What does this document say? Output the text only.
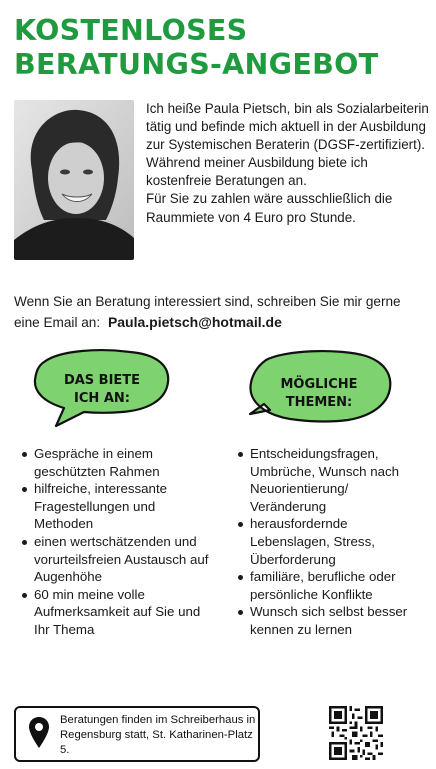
KOSTENLOSES
BERATUNGS-ANGEBOT

Ich heiße Paula Pietsch, bin als Sozialarbeiterin tätig und befinde mich aktuell in der Ausbildung zur Systemischen Beraterin (DGSF-zertifiziert).

Während meiner Ausbildung biete ich kostenfreie Beratungen an.

Für Sie zu zahlen wäre ausschließlich die Raummiete von 4 Euro pro Stunde.

Wenn Sie an Beratung interessiert sind, schreiben Sie mir gerne eine Email an: Paula.pietsch@hotmail.de
DAS BIETE
ICH AN:
MÖGLICHE
THEMEN:
Gespräche in einem geschützten Rahmen
hilfreiche, interessante Fragestellungen und Methoden
einen wertschätzenden und vorurteilsfreien Austausch auf Augenhöhe
60 min meine volle Aufmerksamkeit auf Sie und Ihr Thema
Entscheidungsfragen, Umbrüche, Wunsch nach Neuorientierung/ Veränderung
herausfordernde Lebenslagen, Stress, Überforderung
familiäre, berufliche oder persönliche Konflikte
Wunsch sich selbst besser kennen zu lernen
Beratungen finden im Schreiberhaus in Regensburg statt, St. Katharinen-Platz 5.
